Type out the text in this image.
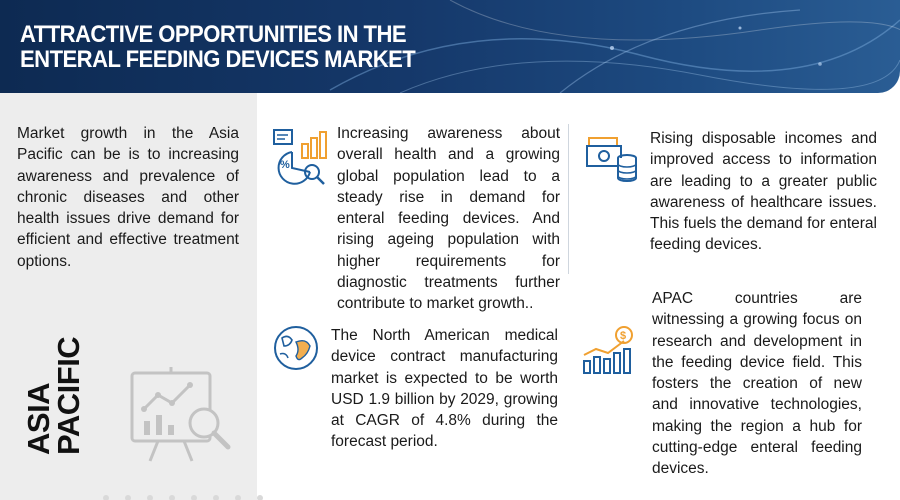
ATTRACTIVE OPPORTUNITIES IN THE
ENTERAL FEEDING DEVICES MARKET
Market growth in the Asia Pacific can be is to increasing awareness and prevalence of chronic diseases and other health issues drive demand for efficient and effective treatment options.
ASIA
PACIFIC
%
Increasing awareness about overall health and a growing global population lead to a steady rise in demand for enteral feeding devices. And rising ageing population with higher requirements for diagnostic treatments further contribute to market growth..
The North American medical device contract manufacturing market is expected to be worth USD 1.9 billion by 2029, growing at CAGR of 4.8% during the forecast period.
Rising disposable incomes and improved access to information are leading to a greater public awareness of healthcare issues. This fuels the demand for enteral feeding devices.
$
APAC countries are witnessing a growing focus on research and development in the feeding device field. This fosters the creation of new and innovative technologies, making the region a hub for cutting-edge enteral feeding devices.
